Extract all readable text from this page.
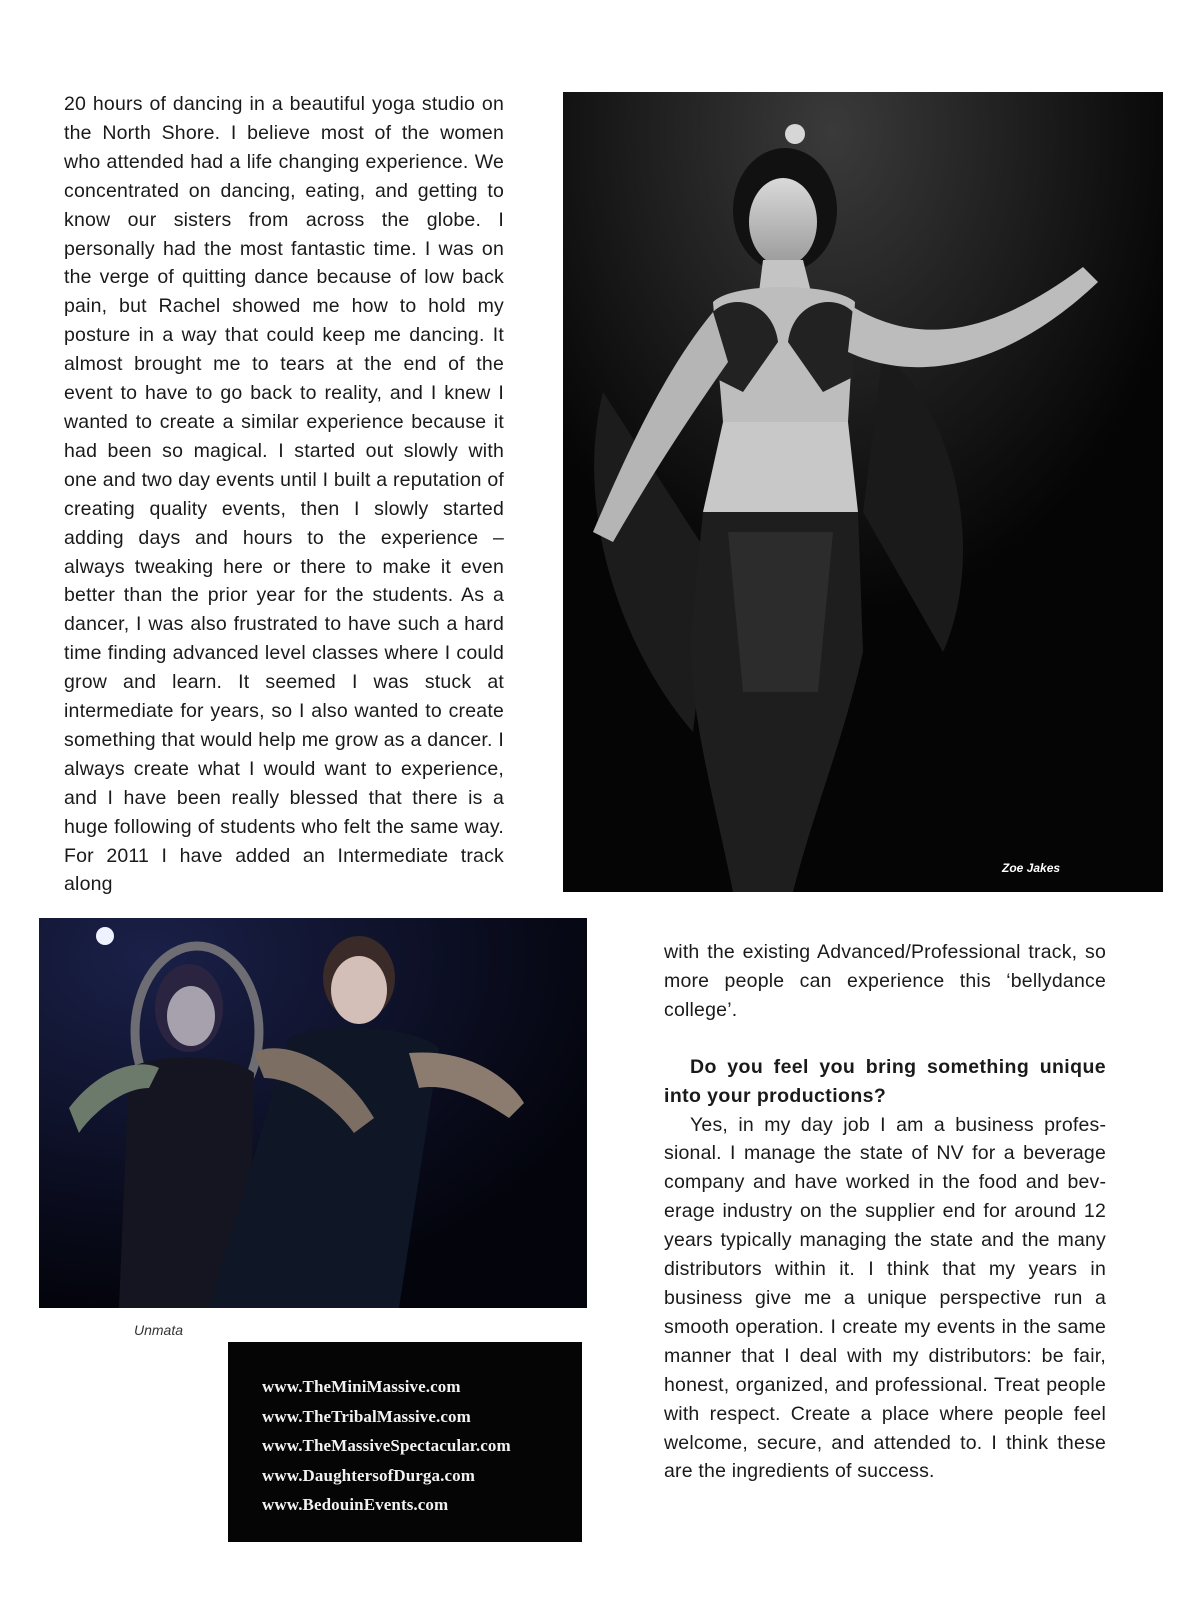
20 hours of dancing in a beautiful yoga studio on the North Shore. I believe most of the women who attended had a life changing experience. We concentrated on dancing, eating, and getting to know our sisters from across the globe. I personally had the most fantastic time. I was on the verge of quitting dance because of low back pain, but Rachel showed me how to hold my posture in a way that could keep me dancing. It almost brought me to tears at the end of the event to have to go back to reality, and I knew I wanted to create a similar experience because it had been so magical. I started out slowly with one and two day events until I built a reputation of creating quality events, then I slowly started adding days and hours to the experience – always tweaking here or there to make it even better than the prior year for the students. As a dancer, I was also frustrated to have such a hard time finding advanced level classes where I could grow and learn. It seemed I was stuck at intermediate for years, so I also wanted to create something that would help me grow as a dancer. I always create what I would want to experience, and I have been really blessed that there is a huge following of students who felt the same way. For 2011 I have added an Intermediate track along

Zoe Jakes
Unmata
www.TheMiniMassive.com
www.TheTribalMassive.com
www.TheMassiveSpectacular.com
www.DaughtersofDurga.com
www.BedouinEvents.com

with the existing Advanced/Professional track, so more people can experience this ‘bellydance college’.

Do you feel you bring something unique into your productions?

Yes, in my day job I am a business professional. I manage the state of NV for a beverage company and have worked in the food and beverage industry on the supplier end for around 12 years typically managing the state and the many distributors within it. I think that my years in business give me a unique perspective run a smooth operation. I create my events in the same manner that I deal with my distributors: be fair, honest, organized, and professional. Treat people with respect. Create a place where people feel welcome, secure, and attended to. I think these are the ingredients of success.
